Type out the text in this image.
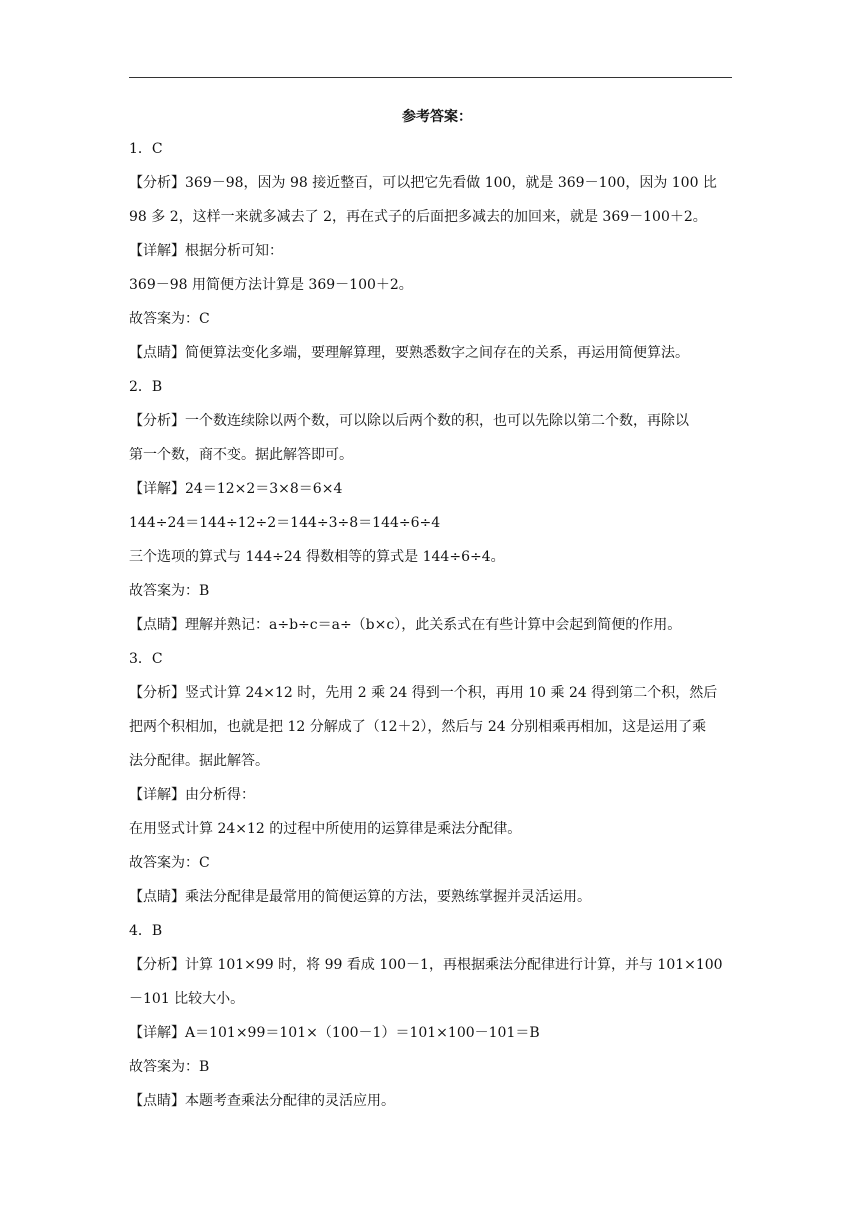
参考答案：
1．C
【分析】369－98，因为 98 接近整百，可以把它先看做 100，就是 369－100，因为 100 比
98 多 2，这样一来就多减去了 2，再在式子的后面把多减去的加回来，就是 369－100＋2。
【详解】根据分析可知：
369－98 用简便方法计算是 369－100＋2。
故答案为：C
【点睛】简便算法变化多端，要理解算理，要熟悉数字之间存在的关系，再运用简便算法。
2．B
【分析】一个数连续除以两个数，可以除以后两个数的积，也可以先除以第二个数，再除以
第一个数，商不变。据此解答即可。
【详解】24＝12×2＝3×8＝6×4
144÷24＝144÷12÷2＝144÷3÷8＝144÷6÷4
三个选项的算式与 144÷24 得数相等的算式是 144÷6÷4。
故答案为：B
【点睛】理解并熟记：a÷b÷c＝a÷（b×c），此关系式在有些计算中会起到简便的作用。
3．C
【分析】竖式计算 24×12 时，先用 2 乘 24 得到一个积，再用 10 乘 24 得到第二个积，然后
把两个积相加，也就是把 12 分解成了（12＋2），然后与 24 分别相乘再相加，这是运用了乘
法分配律。据此解答。
【详解】由分析得：
在用竖式计算 24×12 的过程中所使用的运算律是乘法分配律。
故答案为：C
【点睛】乘法分配律是最常用的简便运算的方法，要熟练掌握并灵活运用。
4．B
【分析】计算 101×99 时，将 99 看成 100－1，再根据乘法分配律进行计算，并与 101×100
－101 比较大小。
【详解】A＝101×99＝101×（100－1）＝101×100－101＝B
故答案为：B
【点睛】本题考查乘法分配律的灵活应用。
